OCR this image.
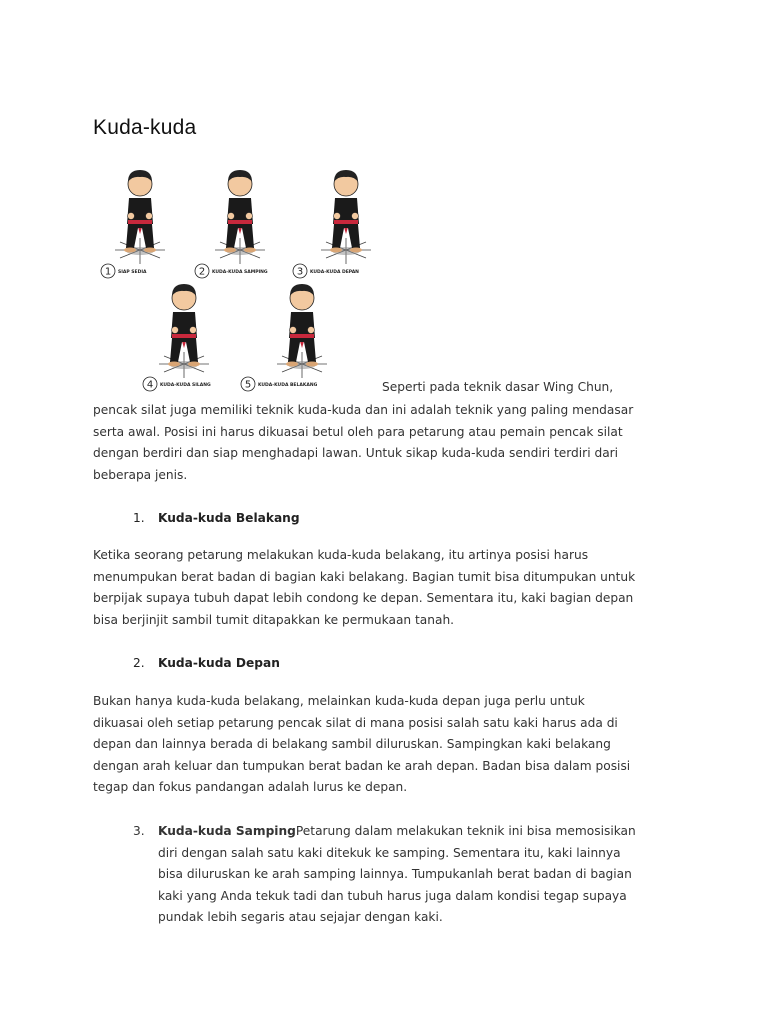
Kuda-kuda
1 SIAP SEDIA	2 KUDA-KUDA SAMPING	3 KUDA-KUDA DEPAN
4 KUDA-KUDA SILANG	5 KUDA-KUDA BELAKANG	Seperti pada teknik dasar Wing Chun,

pencak silat juga memiliki teknik kuda-kuda dan ini adalah teknik yang paling mendasar
serta awal. Posisi ini harus dikuasai betul oleh para petarung atau pemain pencak silat
dengan berdiri dan siap menghadapi lawan. Untuk sikap kuda-kuda sendiri terdiri dari
beberapa jenis.

1. Kuda-kuda Belakang

Ketika seorang petarung melakukan kuda-kuda belakang, itu artinya posisi harus
menumpukan berat badan di bagian kaki belakang. Bagian tumit bisa ditumpukan untuk
berpijak supaya tubuh dapat lebih condong ke depan. Sementara itu, kaki bagian depan
bisa berjinjit sambil tumit ditapakkan ke permukaan tanah.

2. Kuda-kuda Depan

Bukan hanya kuda-kuda belakang, melainkan kuda-kuda depan juga perlu untuk
dikuasai oleh setiap petarung pencak silat di mana posisi salah satu kaki harus ada di
depan dan lainnya berada di belakang sambil diluruskan. Sampingkan kaki belakang
dengan arah keluar dan tumpukan berat badan ke arah depan. Badan bisa dalam posisi
tegap dan fokus pandangan adalah lurus ke depan.

3. Kuda-kuda SampingPetarung dalam melakukan teknik ini bisa memosisikan
diri dengan salah satu kaki ditekuk ke samping. Sementara itu, kaki lainnya
bisa diluruskan ke arah samping lainnya. Tumpukanlah berat badan di bagian
kaki yang Anda tekuk tadi dan tubuh harus juga dalam kondisi tegap supaya
pundak lebih segaris atau sejajar dengan kaki.
